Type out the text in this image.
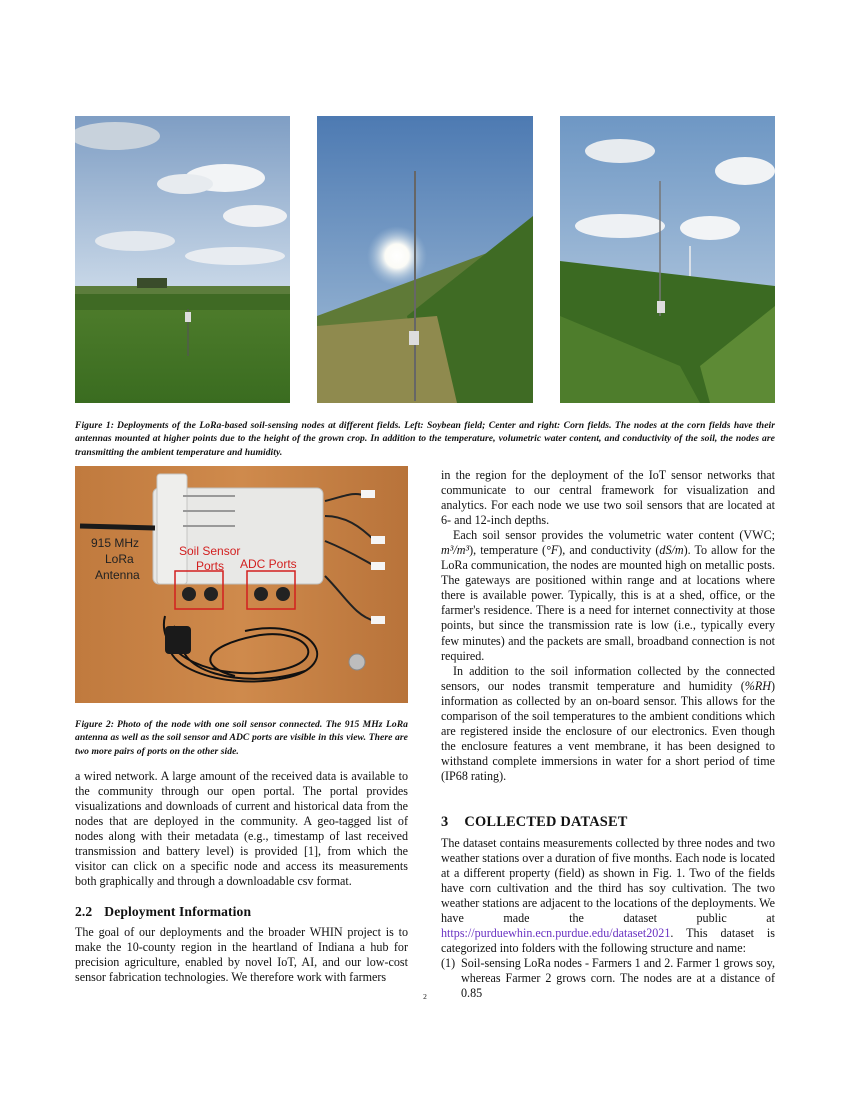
Figure 1: Deployments of the LoRa-based soil-sensing nodes at different fields. Left: Soybean field; Center and right: Corn fields. The nodes at the corn fields have their antennas mounted at higher points due to the height of the grown crop. In addition to the temperature, volumetric water content, and conductivity of the soil, the nodes are transmitting the ambient temperature and humidity.
915 MHz
LoRa
Antenna
Soil Sensor
Ports ADC Ports
Figure 2: Photo of the node with one soil sensor connected. The 915 MHz LoRa antenna as well as the soil sensor and ADC ports are visible in this view. There are two more pairs of ports on the other side.

a wired network. A large amount of the received data is available to the community through our open portal. The portal provides visualizations and downloads of current and historical data from the nodes that are deployed in the community. A geo-tagged list of nodes along with their metadata (e.g., timestamp of last received transmission and battery level) is provided [1], from which the visitor can click on a specific node and access its measurements both graphically and through a downloadable csv format.

2.2 Deployment Information

The goal of our deployments and the broader WHIN project is to make the 10-county region in the heartland of Indiana a hub for precision agriculture, enabled by novel IoT, AI, and our low-cost sensor fabrication technologies. We therefore work with farmers

in the region for the deployment of the IoT sensor networks that communicate to our central framework for visualization and analytics. For each node we use two soil sensors that are located at 6- and 12-inch depths.

Each soil sensor provides the volumetric water content (VWC; m³/m³), temperature (°F), and conductivity (dS/m). To allow for the LoRa communication, the nodes are mounted high on metallic posts. The gateways are positioned within range and at locations where there is available power. Typically, this is at a shed, office, or the farmer's residence. There is a need for internet connectivity at those points, but since the transmission rate is low (i.e., typically every few minutes) and the packets are small, broadband connection is not required.

In addition to the soil information collected by the connected sensors, our nodes transmit temperature and humidity (%RH) information as collected by an on-board sensor. This allows for the comparison of the soil temperatures to the ambient conditions which are registered inside the enclosure of our electronics. Even though the enclosure features a vent membrane, it has been designed to withstand complete immersions in water for a short period of time (IP68 rating).

3 COLLECTED DATASET

The dataset contains measurements collected by three nodes and two weather stations over a duration of five months. Each node is located at a different property (field) as shown in Fig. 1. Two of the fields have corn cultivation and the third has soy cultivation. The two weather stations are adjacent to the locations of the deployments. We have made the dataset public at https://purduewhin.ecn.purdue.edu/dataset2021. This dataset is categorized into folders with the following structure and name:

(1) Soil-sensing LoRa nodes - Farmers 1 and 2. Farmer 1 grows soy, whereas Farmer 2 grows corn. The nodes are at a distance of 0.85
2
